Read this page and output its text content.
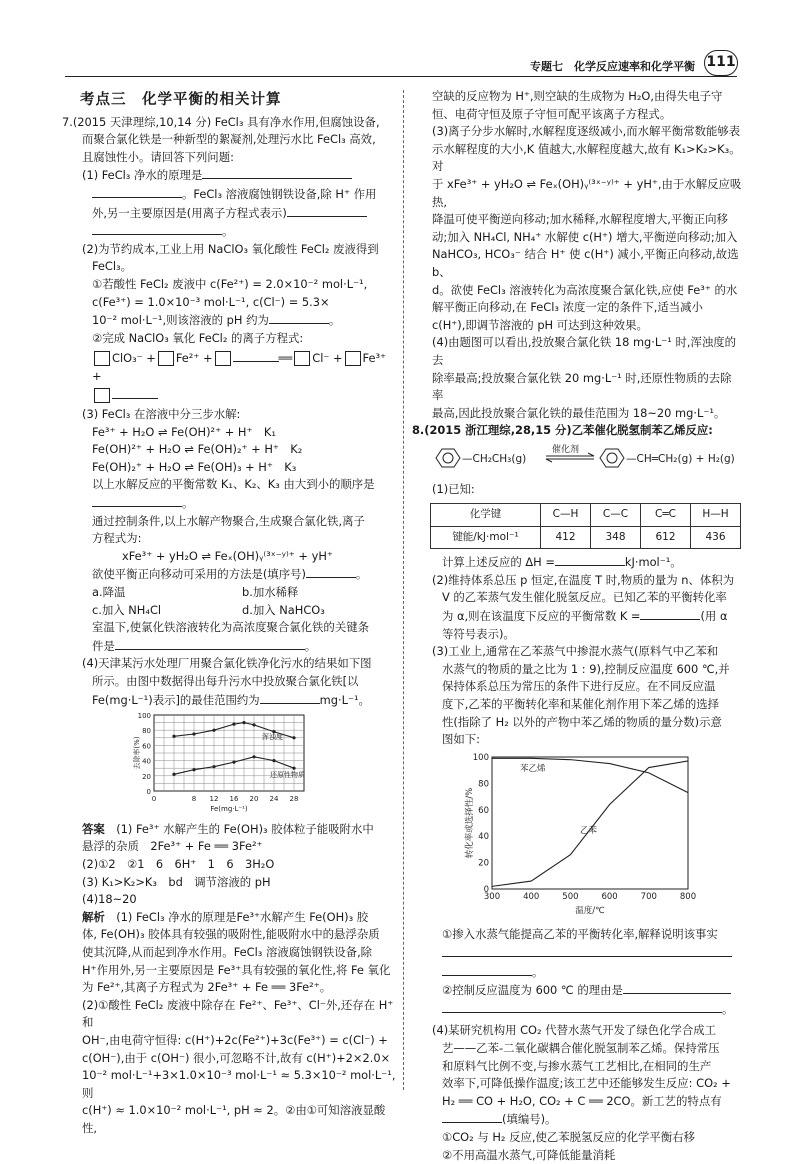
专题七　化学反应速率和化学平衡 111
考点三　化学平衡的相关计算

7.(2015 天津理综,10,14 分) FeCl₃ 具有净水作用,但腐蚀设备,

而聚合氯化铁是一种新型的絮凝剂,处理污水比 FeCl₃ 高效,

且腐蚀性小。请回答下列问题:

(1) FeCl₃ 净水的原理是

。FeCl₃ 溶液腐蚀钢铁设备,除 H⁺ 作用

外,另一主要原因是(用离子方程式表示)

。

(2)为节约成本,工业上用 NaClO₃ 氧化酸性 FeCl₂ 废液得到

FeCl₃。

①若酸性 FeCl₂ 废液中 c(Fe²⁺) = 2.0×10⁻² mol·L⁻¹,

c(Fe³⁺) = 1.0×10⁻³ mol·L⁻¹, c(Cl⁻) = 5.3×

10⁻² mol·L⁻¹,则该溶液的 pH 约为	。

②完成 NaClO₃ 氧化 FeCl₂ 的离子方程式:

ClO₃⁻ + Fe²⁺ +	══ Cl⁻ + Fe³⁺ +

(3) FeCl₃ 在溶液中分三步水解:

Fe³⁺ + H₂O ⇌ Fe(OH)²⁺ + H⁺　K₁

Fe(OH)²⁺ + H₂O ⇌ Fe(OH)₂⁺ + H⁺　K₂

Fe(OH)₂⁺ + H₂O ⇌ Fe(OH)₃ + H⁺　K₃

以上水解反应的平衡常数 K₁、K₂、K₃ 由大到小的顺序是

。

通过控制条件,以上水解产物聚合,生成聚合氯化铁,离子

方程式为:

xFe³⁺ + yH₂O ⇌ Feₓ(OH)ᵧ⁽³ˣ⁻ʸ⁾⁺ + yH⁺

欲使平衡正向移动可采用的方法是(填序号)	。

a.降温	b.加水稀释

c.加入 NH₄Cl	d.加入 NaHCO₃

室温下,使氯化铁溶液转化为高浓度聚合氯化铁的关键条

件是	。

(4)天津某污水处理厂用聚合氯化铁净化污水的结果如下图

所示。由图中数据得出每升污水中投放聚合氯化铁[以

Fe(mg·L⁻¹)表示]的最佳范围约为	mg·L⁻¹。

0	8 12 16 20 24 28
0
20
40
60
80
100
Fe(mg·L⁻¹)
去除率(%)	浑浊度
还原性物质

答案　 (1) Fe³⁺ 水解产生的 Fe(OH)₃ 胶体粒子能吸附水中

悬浮的杂质　2Fe³⁺ + Fe ══ 3Fe²⁺

(2)①2　②1　6　6H⁺　1　6　3H₂O

(3) K₁>K₂>K₃　bd　调节溶液的 pH

(4)18~20

解析　 (1) FeCl₃ 净水的原理是Fe³⁺水解产生 Fe(OH)₃ 胶

体, Fe(OH)₃ 胶体具有较强的吸附性,能吸附水中的悬浮杂质

使其沉降,从而起到净水作用。FeCl₃ 溶液腐蚀钢铁设备,除

H⁺作用外,另一主要原因是 Fe³⁺具有较强的氧化性,将 Fe 氧化

为 Fe²⁺,其离子方程式为 2Fe³⁺ + Fe ══ 3Fe²⁺。

(2)①酸性 FeCl₂ 废液中除存在 Fe²⁺、Fe³⁺、Cl⁻外,还存在 H⁺和

OH⁻,由电荷守恒得: c(H⁺)+2c(Fe²⁺)+3c(Fe³⁺) = c(Cl⁻) +

c(OH⁻),由于 c(OH⁻) 很小,可忽略不计,故有 c(H⁺)+2×2.0×

10⁻² mol·L⁻¹+3×1.0×10⁻³ mol·L⁻¹ ≈ 5.3×10⁻² mol·L⁻¹,则

c(H⁺) ≈ 1.0×10⁻² mol·L⁻¹, pH ≈ 2。②由①可知溶液显酸性,

空缺的反应物为 H⁺,则空缺的生成物为 H₂O,由得失电子守

恒、电荷守恒及原子守恒可配平该离子方程式。

(3)离子分步水解时,水解程度逐级减小,而水解平衡常数能够表

示水解程度的大小,K 值越大,水解程度越大,故有 K₁>K₂>K₃。对

于 xFe³⁺ + yH₂O ⇌ Feₓ(OH)ᵧ⁽³ˣ⁻ʸ⁾⁺ + yH⁺,由于水解反应吸热,

降温可使平衡逆向移动;加水稀释,水解程度增大,平衡正向移

动;加入 NH₄Cl, NH₄⁺ 水解使 c(H⁺) 增大,平衡逆向移动;加入

NaHCO₃, HCO₃⁻ 结合 H⁺ 使 c(H⁺) 减小,平衡正向移动,故选 b、

d。欲使 FeCl₃ 溶液转化为高浓度聚合氯化铁,应使 Fe³⁺ 的水

解平衡正向移动,在 FeCl₃ 浓度一定的条件下,适当减小

c(H⁺),即调节溶液的 pH 可达到这种效果。

(4)由题图可以看出,投放聚合氯化铁 18 mg·L⁻¹ 时,浑浊度的去

除率最高;投放聚合氯化铁 20 mg·L⁻¹ 时,还原性物质的去除率

最高,因此投放聚合氯化铁的最佳范围为 18~20 mg·L⁻¹。

8.(2015 浙江理综,28,15 分)乙苯催化脱氢制苯乙烯反应:

—CH₂CH₃(g)
催化剂
—CH═CH₂(g) + H₂(g)

(1)已知:

化学键	C—H	C—C	C═C	H—H
键能/kJ·mol⁻¹	412	348	612	436

计算上述反应的 ΔH =	kJ·mol⁻¹。

(2)维持体系总压 p 恒定,在温度 T 时,物质的量为 n、体积为

V 的乙苯蒸气发生催化脱氢反应。已知乙苯的平衡转化率

为 α,则在该温度下反应的平衡常数 K =	(用 α

等符号表示)。

(3)工业上,通常在乙苯蒸气中掺混水蒸气(原料气中乙苯和

水蒸气的物质的量之比为 1 : 9),控制反应温度 600 ℃,并

保持体系总压为常压的条件下进行反应。在不同反应温

度下,乙苯的平衡转化率和某催化剂作用下苯乙烯的选择

性(指除了 H₂ 以外的产物中苯乙烯的物质的量分数)示意

图如下:

300	400	500	600	700	800
0
20
40
60
80
100
温度/℃
转化率或选择性/%
苯乙烯
乙苯

①掺入水蒸气能提高乙苯的平衡转化率,解释说明该事实

。

②控制反应温度为 600 ℃ 的理由是

。

(4)某研究机构用 CO₂ 代替水蒸气开发了绿色化学合成工

艺——乙苯-二氧化碳耦合催化脱氢制苯乙烯。保持常压

和原料气比例不变,与掺水蒸气工艺相比,在相同的生产

效率下,可降低操作温度;该工艺中还能够发生反应: CO₂ +

H₂ ══ CO + H₂O, CO₂ + C ══ 2CO。新工艺的特点有

(填编号)。

①CO₂ 与 H₂ 反应,使乙苯脱氢反应的化学平衡右移

②不用高温水蒸气,可降低能量消耗
